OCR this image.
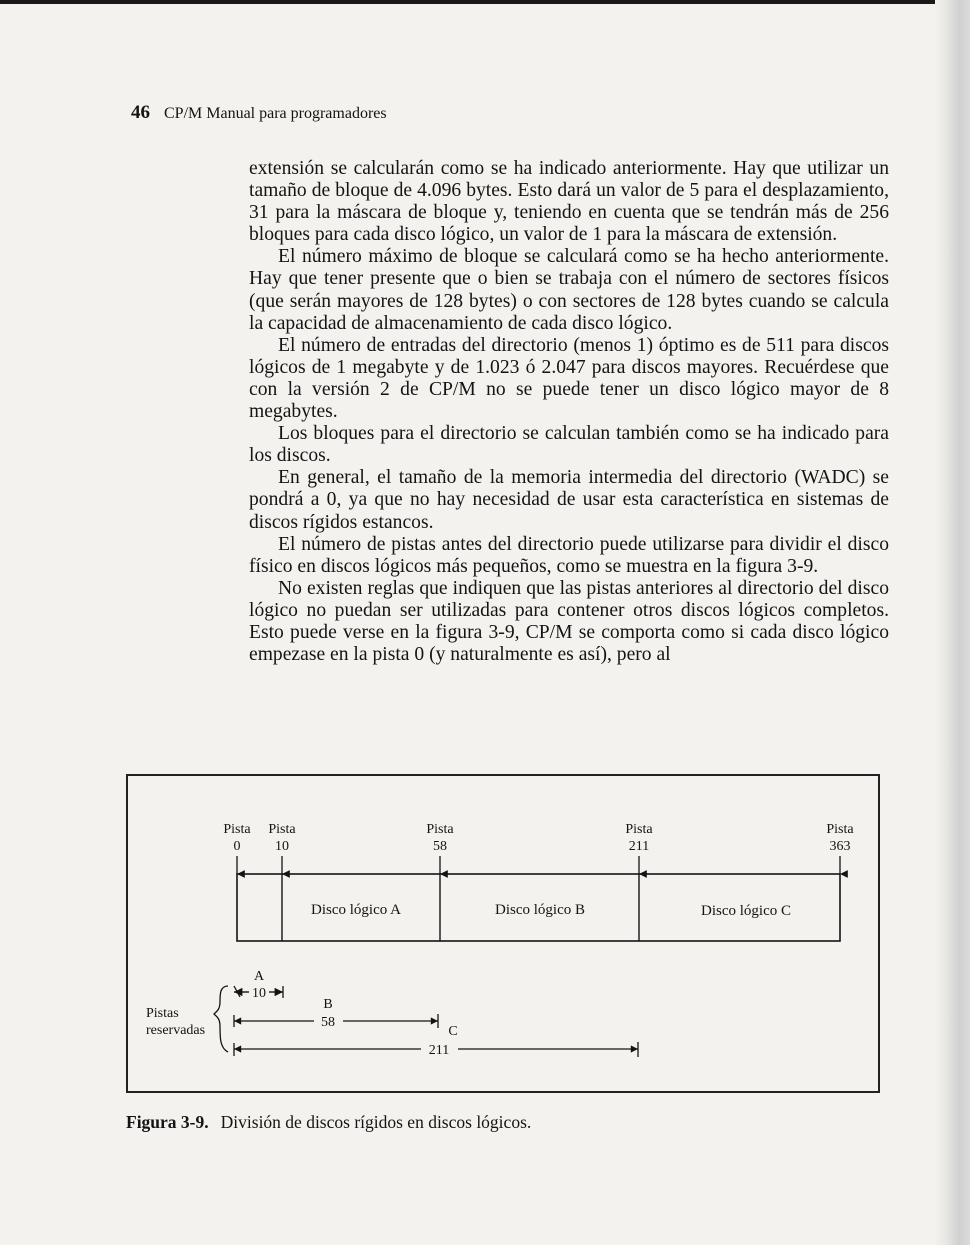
46 CP/M Manual para programadores

extensión se calcularán como se ha indicado anteriormente. Hay que utilizar un tamaño de bloque de 4.096 bytes. Esto dará un valor de 5 para el desplazamiento, 31 para la máscara de bloque y, teniendo en cuenta que se tendrán más de 256 bloques para cada disco lógico, un valor de 1 para la máscara de extensión.

El número máximo de bloque se calculará como se ha hecho anteriormente. Hay que tener presente que o bien se trabaja con el número de sectores físicos (que serán mayores de 128 bytes) o con sectores de 128 bytes cuando se calcula la capacidad de almacenamiento de cada disco lógico.

El número de entradas del directorio (menos 1) óptimo es de 511 para discos lógicos de 1 megabyte y de 1.023 ó 2.047 para discos mayores. Recuérdese que con la versión 2 de CP/M no se puede tener un disco lógico mayor de 8 megabytes.

Los bloques para el directorio se calculan también como se ha indicado para los discos.

En general, el tamaño de la memoria intermedia del directorio (WADC) se pondrá a 0, ya que no hay necesidad de usar esta característica en sistemas de discos rígidos estancos.

El número de pistas antes del directorio puede utilizarse para dividir el disco físico en discos lógicos más pequeños, como se muestra en la figura 3-9.

No existen reglas que indiquen que las pistas anteriores al directorio del disco lógico no puedan ser utilizadas para contener otros discos lógicos completos. Esto puede verse en la figura 3-9, CP/M se comporta como si cada disco lógico empezase en la pista 0 (y naturalmente es así), pero al

Pista
0
Pista
10
Pista
58
Pista
211
Pista
363
Disco lógico A	Disco lógico B	Disco lógico C
Pistas
reservadas
A
10
B
58
C
211
Figura 3-9. División de discos rígidos en discos lógicos.
